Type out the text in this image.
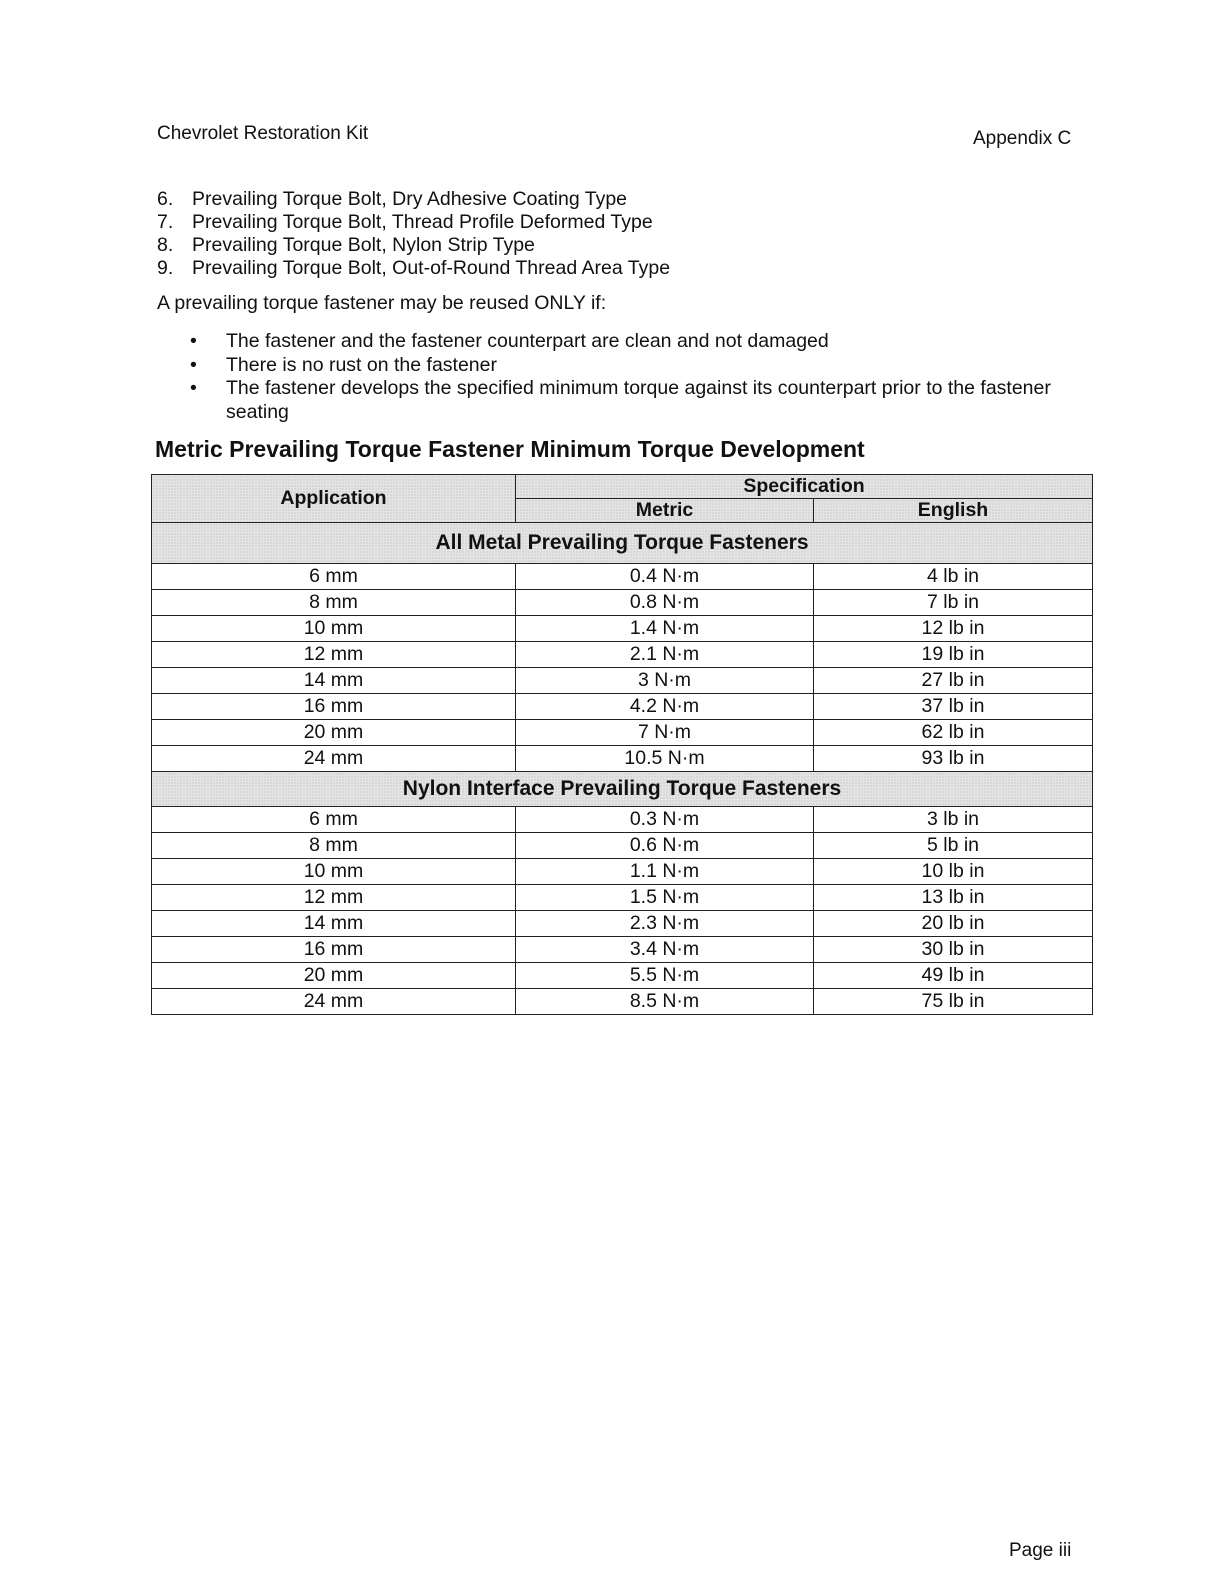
Chevrolet Restoration Kit	Appendix C
6. Prevailing Torque Bolt, Dry Adhesive Coating Type
7. Prevailing Torque Bolt, Thread Profile Deformed Type
8. Prevailing Torque Bolt, Nylon Strip Type
9. Prevailing Torque Bolt, Out-of-Round Thread Area Type

A prevailing torque fastener may be reused ONLY if:

•	The fastener and the fastener counterpart are clean and not damaged
•	There is no rust on the fastener
•	The fastener develops the specified minimum torque against its counterpart prior to the fastener seating
Metric Prevailing Torque Fastener Minimum Torque Development
Application	Specification	
	Metric	English
All Metal Prevailing Torque Fasteners		
6 mm	0.4 N·m	4 lb in
8 mm	0.8 N·m	7 lb in
10 mm	1.4 N·m	12 lb in
12 mm	2.1 N·m	19 lb in
14 mm	3 N·m	27 lb in
16 mm	4.2 N·m	37 lb in
20 mm	7 N·m	62 lb in
24 mm	10.5 N·m	93 lb in
Nylon Interface Prevailing Torque Fasteners		
6 mm	0.3 N·m	3 lb in
8 mm	0.6 N·m	5 lb in
10 mm	1.1 N·m	10 lb in
12 mm	1.5 N·m	13 lb in
14 mm	2.3 N·m	20 lb in
16 mm	3.4 N·m	30 lb in
20 mm	5.5 N·m	49 lb in
24 mm	8.5 N·m	75 lb in
Page iii
